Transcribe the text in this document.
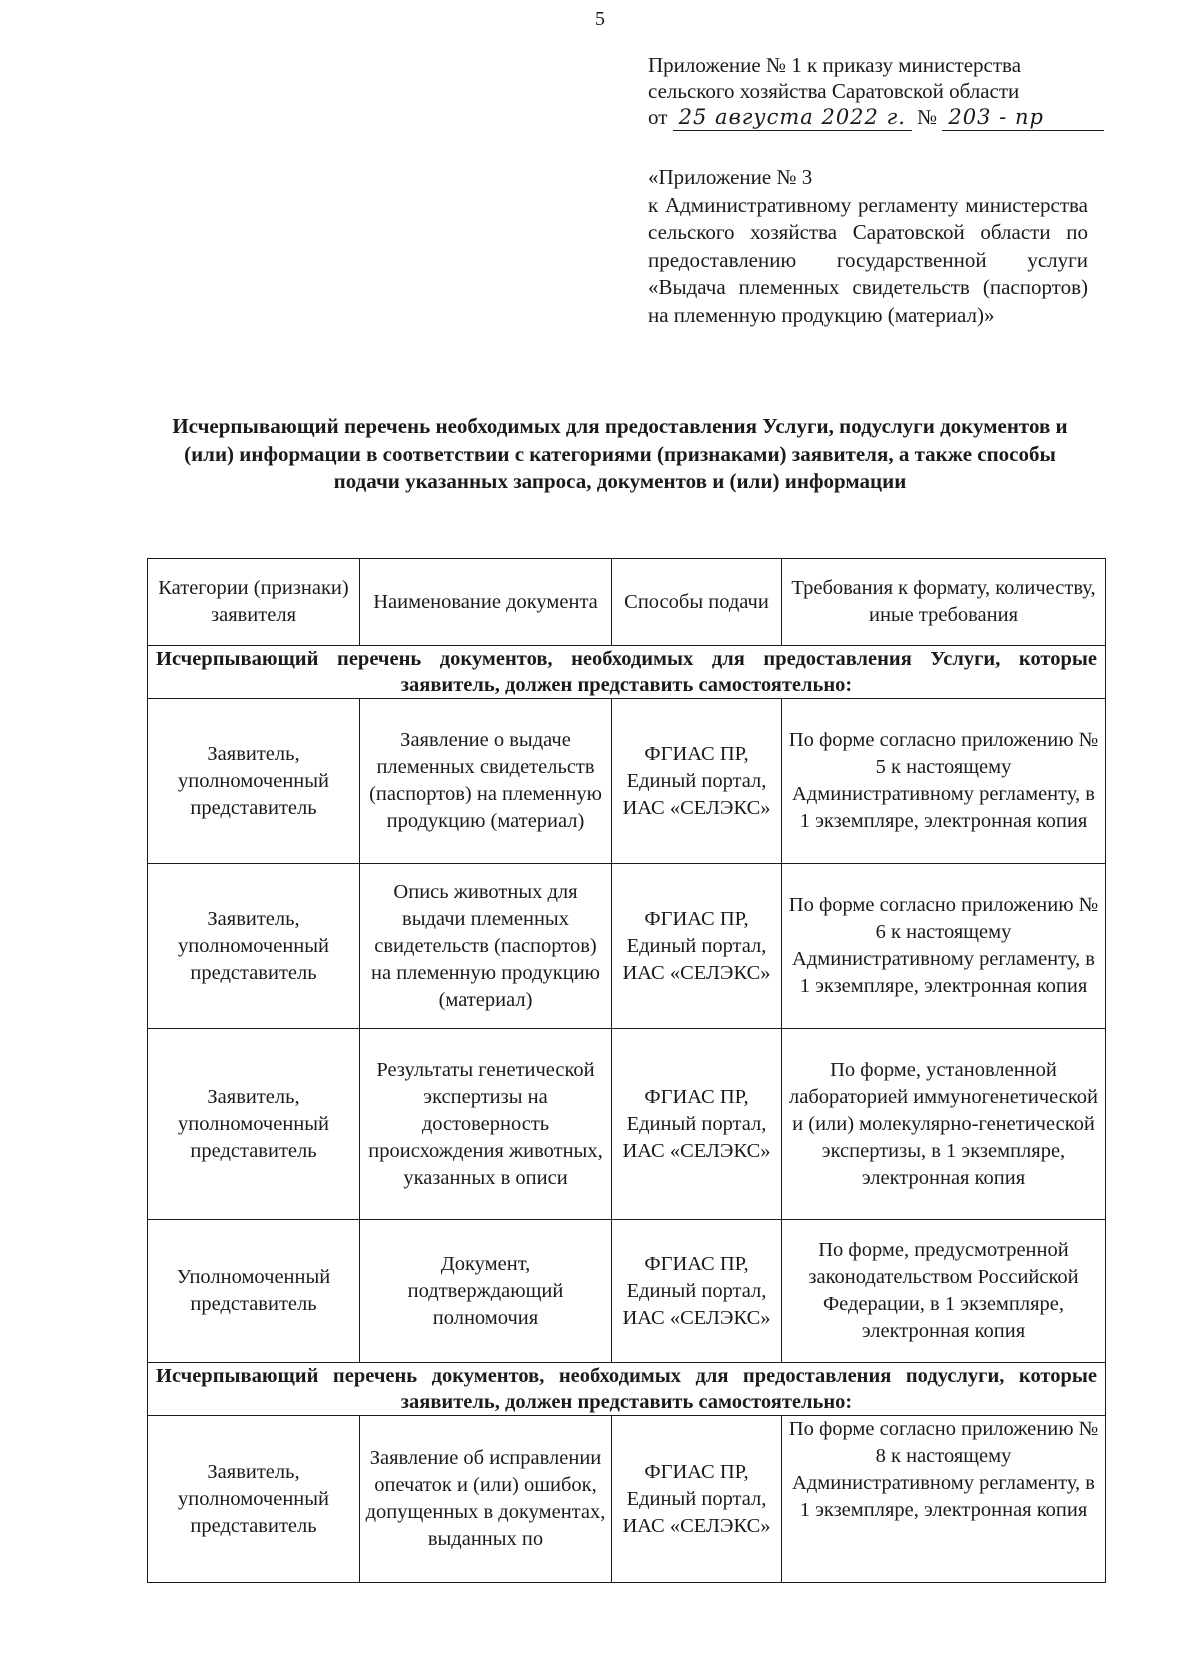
5
Приложение № 1 к приказу министерства
сельского хозяйства Саратовской области
от 25 августа 2022 г. № 203 - пр
«Приложение № 3
к Административному регламенту министерства сельского хозяйства Саратовской области по предоставлению государственной услуги «Выдача племенных свидетельств (паспортов) на племенную продукцию (материал)»
Исчерпывающий перечень необходимых для предоставления Услуги, подуслуги документов и (или) информации в соответствии с категориями (признаками) заявителя, а также способы подачи указанных запроса, документов и (или) информации
Категории (признаки) заявителя	Наименование документа	Способы подачи	Требования к формату, количеству, иные требования
Исчерпывающий перечень документов, необходимых для предоставления Услуги, которые заявитель, должен представить самостоятельно:			
Заявитель, уполномоченный представитель	Заявление о выдаче племенных свидетельств (паспортов) на племенную продукцию (материал)	ФГИАС ПР, Единый портал, ИАС «СЕЛЭКС»	По форме согласно приложению № 5 к настоящему Административному регламенту, в 1 экземпляре, электронная копия
Заявитель, уполномоченный представитель	Опись животных для выдачи племенных свидетельств (паспортов) на племенную продукцию (материал)	ФГИАС ПР, Единый портал, ИАС «СЕЛЭКС»	По форме согласно приложению № 6 к настоящему Административному регламенту, в 1 экземпляре, электронная копия
Заявитель, уполномоченный представитель	Результаты генетической экспертизы на достоверность происхождения животных, указанных в описи	ФГИАС ПР, Единый портал, ИАС «СЕЛЭКС»	По форме, установленной лабораторией иммуногенетической и (или) молекулярно-генетической экспертизы, в 1 экземпляре, электронная копия
Уполномоченный представитель	Документ, подтверждающий полномочия	ФГИАС ПР, Единый портал, ИАС «СЕЛЭКС»	По форме, предусмотренной законодательством Российской Федерации, в 1 экземпляре, электронная копия
Исчерпывающий перечень документов, необходимых для предоставления подуслуги, которые заявитель, должен представить самостоятельно:			
Заявитель, уполномоченный представитель	Заявление об исправлении опечаток и (или) ошибок, допущенных в документах, выданных по	ФГИАС ПР, Единый портал, ИАС «СЕЛЭКС»	По форме согласно приложению № 8 к настоящему Административному регламенту, в 1 экземпляре, электронная копия
